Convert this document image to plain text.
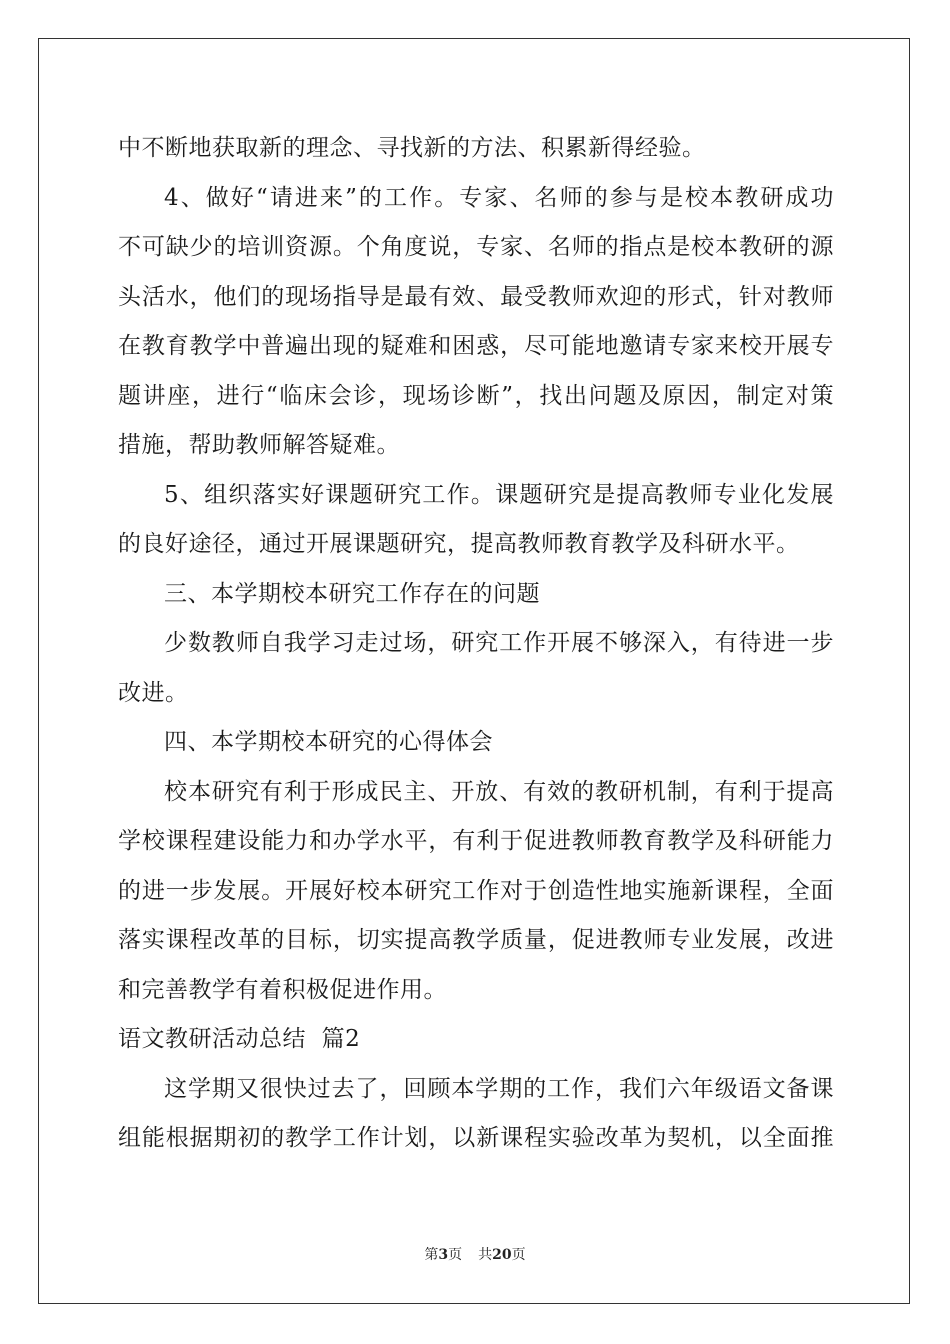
中不断地获取新的理念、寻找新的方法、积累新得经验。
4、做好“请进来”的工作。专家、名师的参与是校本教研成功
不可缺少的培训资源。个角度说，专家、名师的指点是校本教研的源
头活水，他们的现场指导是最有效、最受教师欢迎的形式，针对教师
在教育教学中普遍出现的疑难和困惑，尽可能地邀请专家来校开展专
题讲座，进行“临床会诊，现场诊断”，找出问题及原因，制定对策
措施，帮助教师解答疑难。
5、组织落实好课题研究工作。课题研究是提高教师专业化发展
的良好途径，通过开展课题研究，提高教师教育教学及科研水平。
三、本学期校本研究工作存在的问题
少数教师自我学习走过场，研究工作开展不够深入，有待进一步
改进。
四、本学期校本研究的心得体会
校本研究有利于形成民主、开放、有效的教研机制，有利于提高
学校课程建设能力和办学水平，有利于促进教师教育教学及科研能力
的进一步发展。开展好校本研究工作对于创造性地实施新课程，全面
落实课程改革的目标，切实提高教学质量，促进教师专业发展，改进
和完善教学有着积极促进作用。
语文教研活动总结  篇2
这学期又很快过去了，回顾本学期的工作，我们六年级语文备课
组能根据期初的教学工作计划，以新课程实验改革为契机，以全面推
第3页 共20页
